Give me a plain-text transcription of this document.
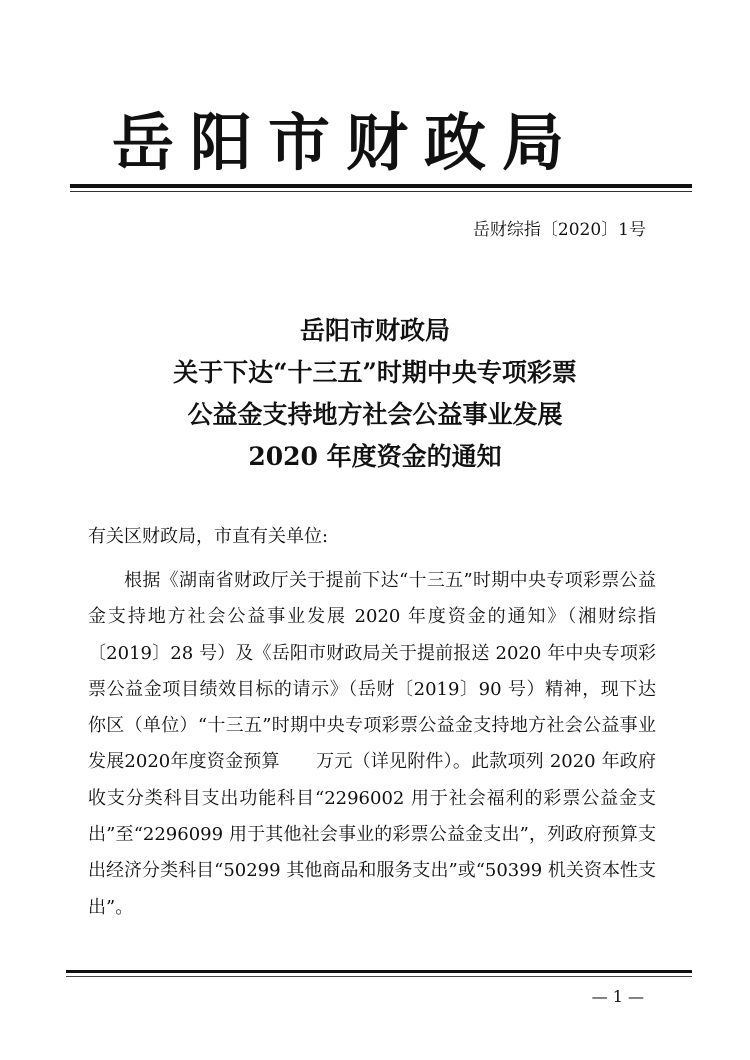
岳阳市财政局
岳财综指〔2020〕1号
岳阳市财政局
关于下达“十三五”时期中央专项彩票
公益金支持地方社会公益事业发展
2020 年度资金的通知
有关区财政局，市直有关单位:

根据《湖南省财政厅关于提前下达“十三五”时期中央专项彩票公益金支持地方社会公益事业发展 2020 年度资金的通知》（湘财综指〔2019〕28 号）及《岳阳市财政局关于提前报送 2020 年中央专项彩票公益金项目绩效目标的请示》（岳财〔2019〕90 号）精神，现下达你区（单位）“十三五”时期中央专项彩票公益金支持地方社会公益事业发展2020年度资金预算　　万元（详见附件）。此款项列 2020 年政府收支分类科目支出功能科目“2296002 用于社会福利的彩票公益金支出”至“2296099 用于其他社会事业的彩票公益金支出”，列政府预算支出经济分类科目“50299 其他商品和服务支出”或“50399 机关资本性支出”。

— 1 —
